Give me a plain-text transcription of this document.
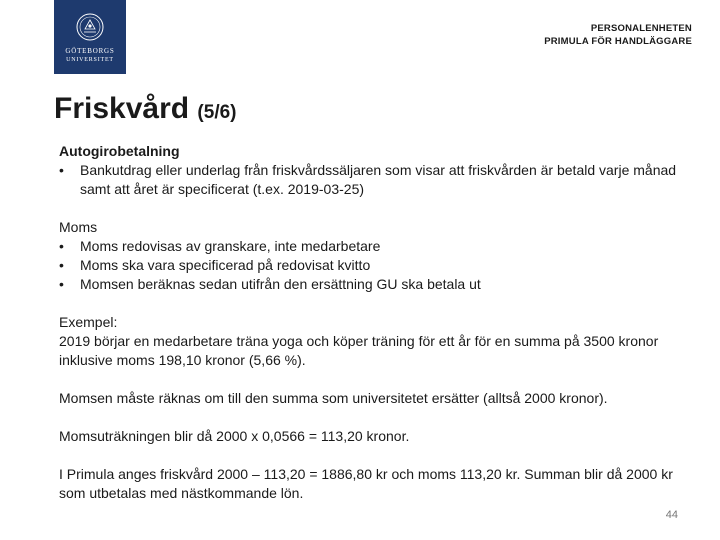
GÖTEBORGS
UNIVERSITET
PERSONALENHETEN
PRIMULA FÖR HANDLÄGGARE
Friskvård (5/6)

Autogirobetalning

• Bankutdrag eller underlag från friskvårdssäljaren som visar att friskvården är betald varje månad samt att året är specificerat (t.ex. 2019-03-25)

Moms

• Moms redovisas av granskare, inte medarbetare
• Moms ska vara specificerad på redovisat kvitto
• Momsen beräknas sedan utifrån den ersättning GU ska betala ut

Exempel:

2019 börjar en medarbetare träna yoga och köper träning för ett år för en summa på 3500 kronor inklusive moms 198,10 kronor (5,66 %).

Momsen måste räknas om till den summa som universitetet ersätter (alltså 2000 kronor).

Momsuträkningen blir då 2000 x 0,0566 = 113,20 kronor.

I Primula anges friskvård 2000 – 113,20 = 1886,80 kr och moms 113,20 kr. Summan blir då 2000 kr som utbetalas med nästkommande lön.

44
